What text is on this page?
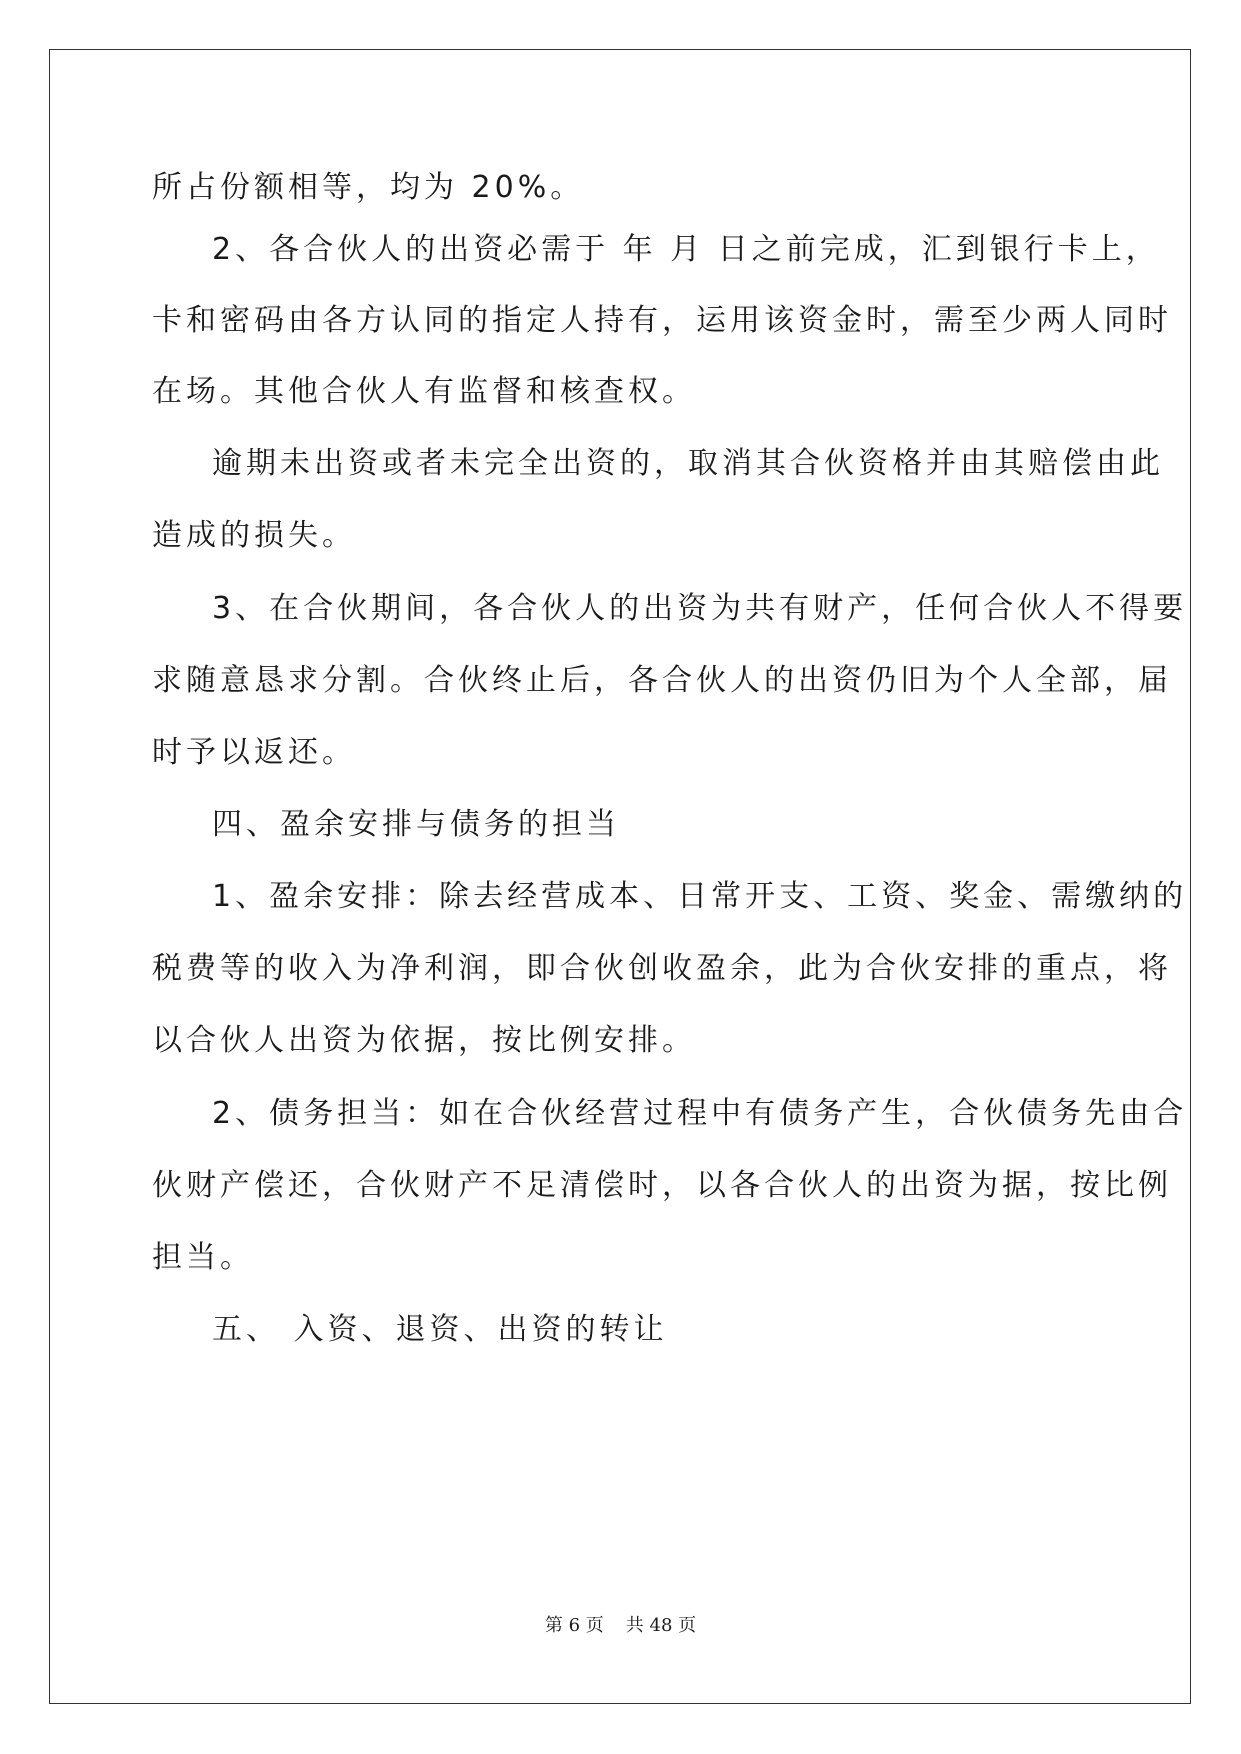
所占份额相等，均为 20%。
2、各合伙人的出资必需于 年 月 日之前完成，汇到银行卡上，
卡和密码由各方认同的指定人持有，运用该资金时，需至少两人同时
在场。其他合伙人有监督和核查权。
逾期未出资或者未完全出资的，取消其合伙资格并由其赔偿由此
造成的损失。
3、在合伙期间，各合伙人的出资为共有财产，任何合伙人不得要
求随意恳求分割。合伙终止后，各合伙人的出资仍旧为个人全部，届
时予以返还。
四、盈余安排与债务的担当
1、盈余安排：除去经营成本、日常开支、工资、奖金、需缴纳的
税费等的收入为净利润，即合伙创收盈余，此为合伙安排的重点，将
以合伙人出资为依据，按比例安排。
2、债务担当：如在合伙经营过程中有债务产生，合伙债务先由合
伙财产偿还，合伙财产不足清偿时，以各合伙人的出资为据，按比例
担当。
五、 入资、退资、出资的转让
第 6 页 共 48 页
